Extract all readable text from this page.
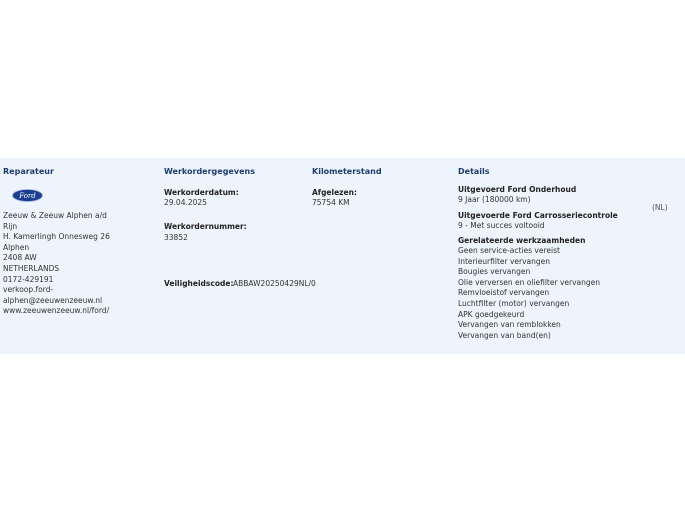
Reparateur
Ford
Zeeuw & Zeeuw Alphen a/d
Rijn
H. Kamerlingh Onnesweg 26
Alphen
2408 AW
NETHERLANDS
0172-429191
verkoop.ford-
alphen@zeeuwenzeeuw.nl
www.zeeuwenzeeuw.nl/ford/
Werkordergegevens
Werkorderdatum:
29.04.2025
Werkordernummer:
33852
Veiligheidscode: ABBAW20250429NL/0
Kilometerstand
Afgelezen:
75754 KM
Details
Uitgevoerd Ford Onderhoud
9 Jaar (180000 km)
(NL)
Uitgevoerde Ford Carrosseriecontrole
9 - Met succes voltooid
Gerelateerde werkzaamheden
Geen service-acties vereist
Interieurfilter vervangen
Bougies vervangen
Olie verversen en oliefilter vervangen
Remvloeistof vervangen
Luchtfilter (motor) vervangen
APK goedgekeurd
Vervangen van remblokken
Vervangen van band(en)
